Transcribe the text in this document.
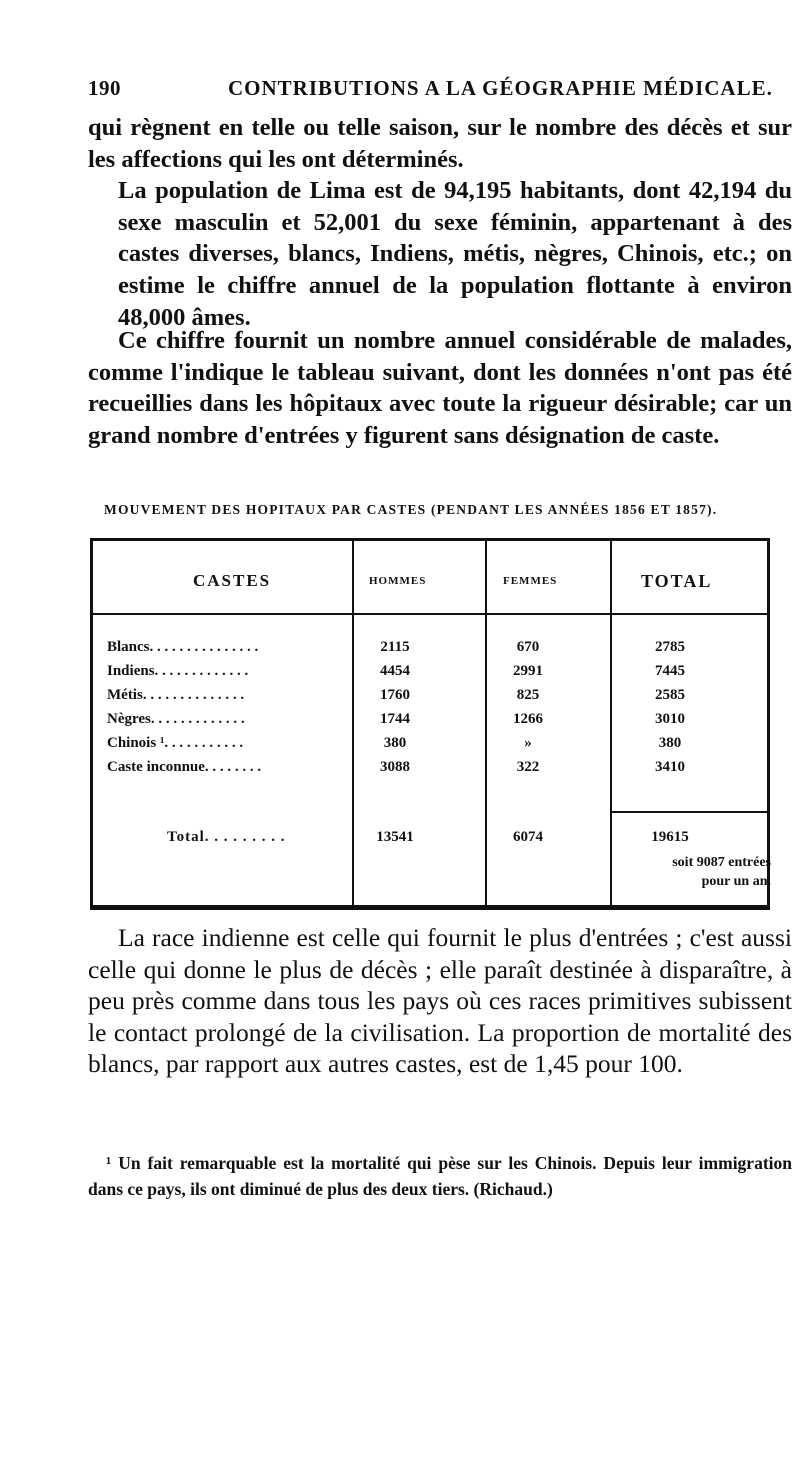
190	CONTRIBUTIONS A LA GÉOGRAPHIE MÉDICALE.

qui règnent en telle ou telle saison, sur le nombre des décès et sur les affections qui les ont déterminés.
La population de Lima est de 94,195 habitants, dont 42,194 du sexe masculin et 52,001 du sexe féminin, appartenant à des castes diverses, blancs, Indiens, métis, nègres, Chinois, etc.; on estime le chiffre annuel de la population flottante à environ 48,000 âmes.

Ce chiffre fournit un nombre annuel considérable de malades, comme l'indique le tableau suivant, dont les données n'ont pas été recueillies dans les hôpitaux avec toute la rigueur désirable; car un grand nombre d'entrées y figurent sans désignation de caste.

MOUVEMENT DES HOPITAUX PAR CASTES (PENDANT LES ANNÉES 1856 ET 1857).
CASTES	HOMMES	FEMMES	TOTAL
Blancs. . . . . . . . . . . . . . .	2115	670	2785
Indiens. . . . . . . . . . . . .	4454	2991	7445
Métis. . . . . . . . . . . . . .	1760	825	2585
Nègres. . . . . . . . . . . . .	1744	1266	3010
Chinois ¹. . . . . . . . . . .	380	»	380
Caste inconnue. . . . . . . .	3088	322	3410
Total. . . . . . . . .	13541	6074	19615
soit 9087 entrées
pour un an.

La race indienne est celle qui fournit le plus d'entrées ; c'est aussi celle qui donne le plus de décès ; elle paraît destinée à disparaître, à peu près comme dans tous les pays où ces races primitives subissent le contact prolongé de la civilisation. La proportion de mortalité des blancs, par rapport aux autres castes, est de 1,45 pour 100.

¹ Un fait remarquable est la mortalité qui pèse sur les Chinois. Depuis leur immigration dans ce pays, ils ont diminué de plus des deux tiers. (Richaud.)
